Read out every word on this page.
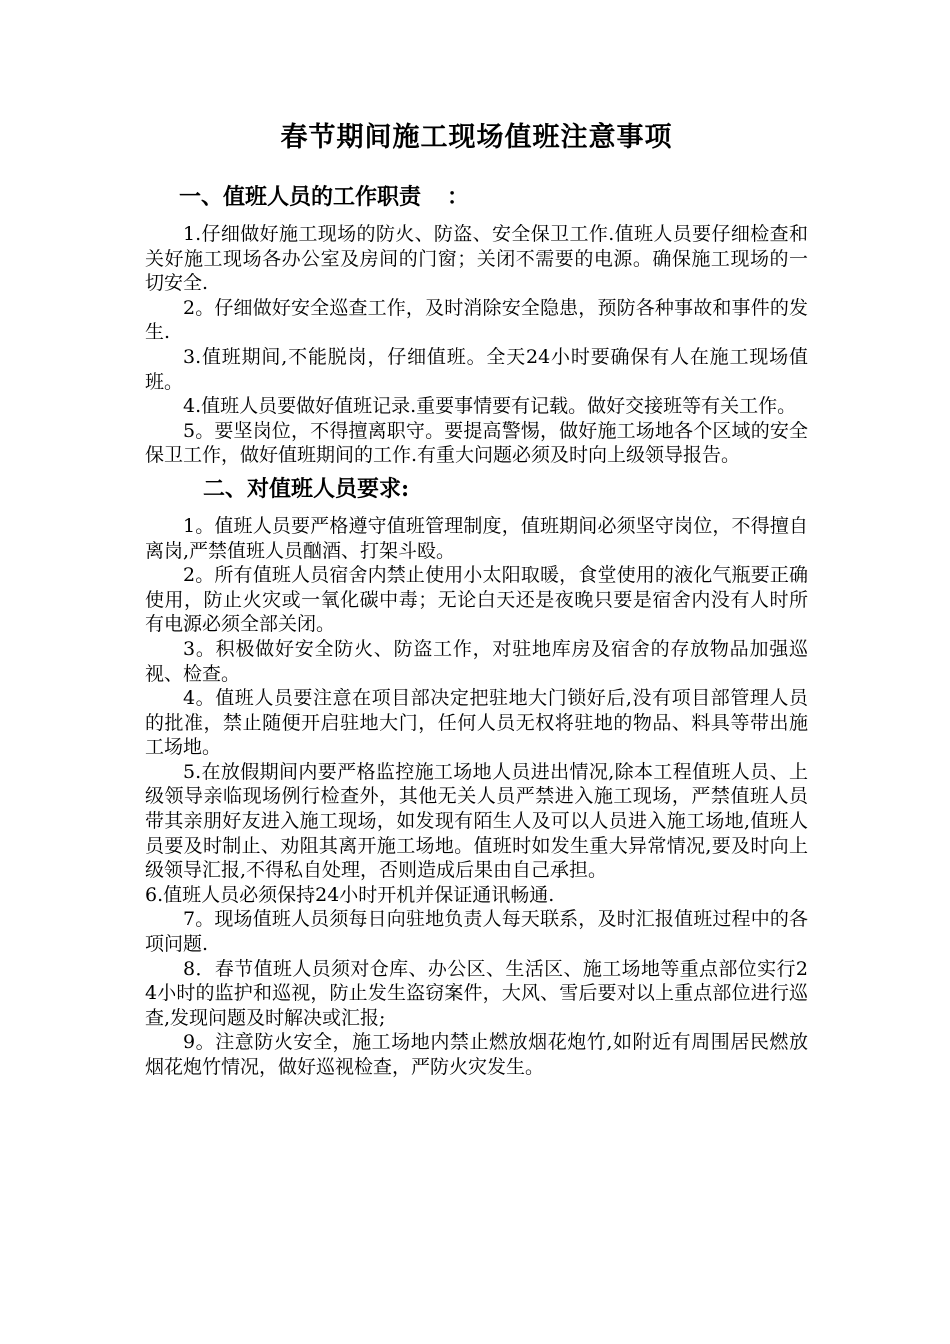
春节期间施工现场值班注意事项
一、值班人员的工作职责 ：

1.仔细做好施工现场的防火、防盗、安全保卫工作.值班人员要仔细检查和关好施工现场各办公室及房间的门窗；关闭不需要的电源。确保施工现场的一切安全.

2。仔细做好安全巡查工作，及时消除安全隐患，预防各种事故和事件的发生.

3.值班期间,不能脱岗，仔细值班。全天24小时要确保有人在施工现场值班。

4.值班人员要做好值班记录.重要事情要有记载。做好交接班等有关工作。

5。要坚岗位，不得擅离职守。要提高警惕，做好施工场地各个区域的安全保卫工作，做好值班期间的工作.有重大问题必须及时向上级领导报告。

二、对值班人员要求:

1。值班人员要严格遵守值班管理制度，值班期间必须坚守岗位，不得擅自离岗,严禁值班人员酗酒、打架斗殴。

2。所有值班人员宿舍内禁止使用小太阳取暖，食堂使用的液化气瓶要正确使用，防止火灾或一氧化碳中毒；无论白天还是夜晚只要是宿舍内没有人时所有电源必须全部关闭。

3。积极做好安全防火、防盗工作，对驻地库房及宿舍的存放物品加强巡视、检查。

4。值班人员要注意在项目部决定把驻地大门锁好后,没有项目部管理人员的批准，禁止随便开启驻地大门，任何人员无权将驻地的物品、料具等带出施工场地。

5.在放假期间内要严格监控施工场地人员进出情况,除本工程值班人员、上级领导亲临现场例行检查外，其他无关人员严禁进入施工现场，严禁值班人员带其亲朋好友进入施工现场，如发现有陌生人及可以人员进入施工场地,值班人员要及时制止、劝阻其离开施工场地。值班时如发生重大异常情况,要及时向上级领导汇报,不得私自处理，否则造成后果由自己承担。

6.值班人员必须保持24小时开机并保证通讯畅通.

7。现场值班人员须每日向驻地负责人每天联系，及时汇报值班过程中的各项问题.

8．春节值班人员须对仓库、办公区、生活区、施工场地等重点部位实行24小时的监护和巡视，防止发生盗窃案件，大风、雪后要对以上重点部位进行巡查,发现问题及时解决或汇报;

9。注意防火安全，施工场地内禁止燃放烟花炮竹,如附近有周围居民燃放烟花炮竹情况，做好巡视检查，严防火灾发生。
